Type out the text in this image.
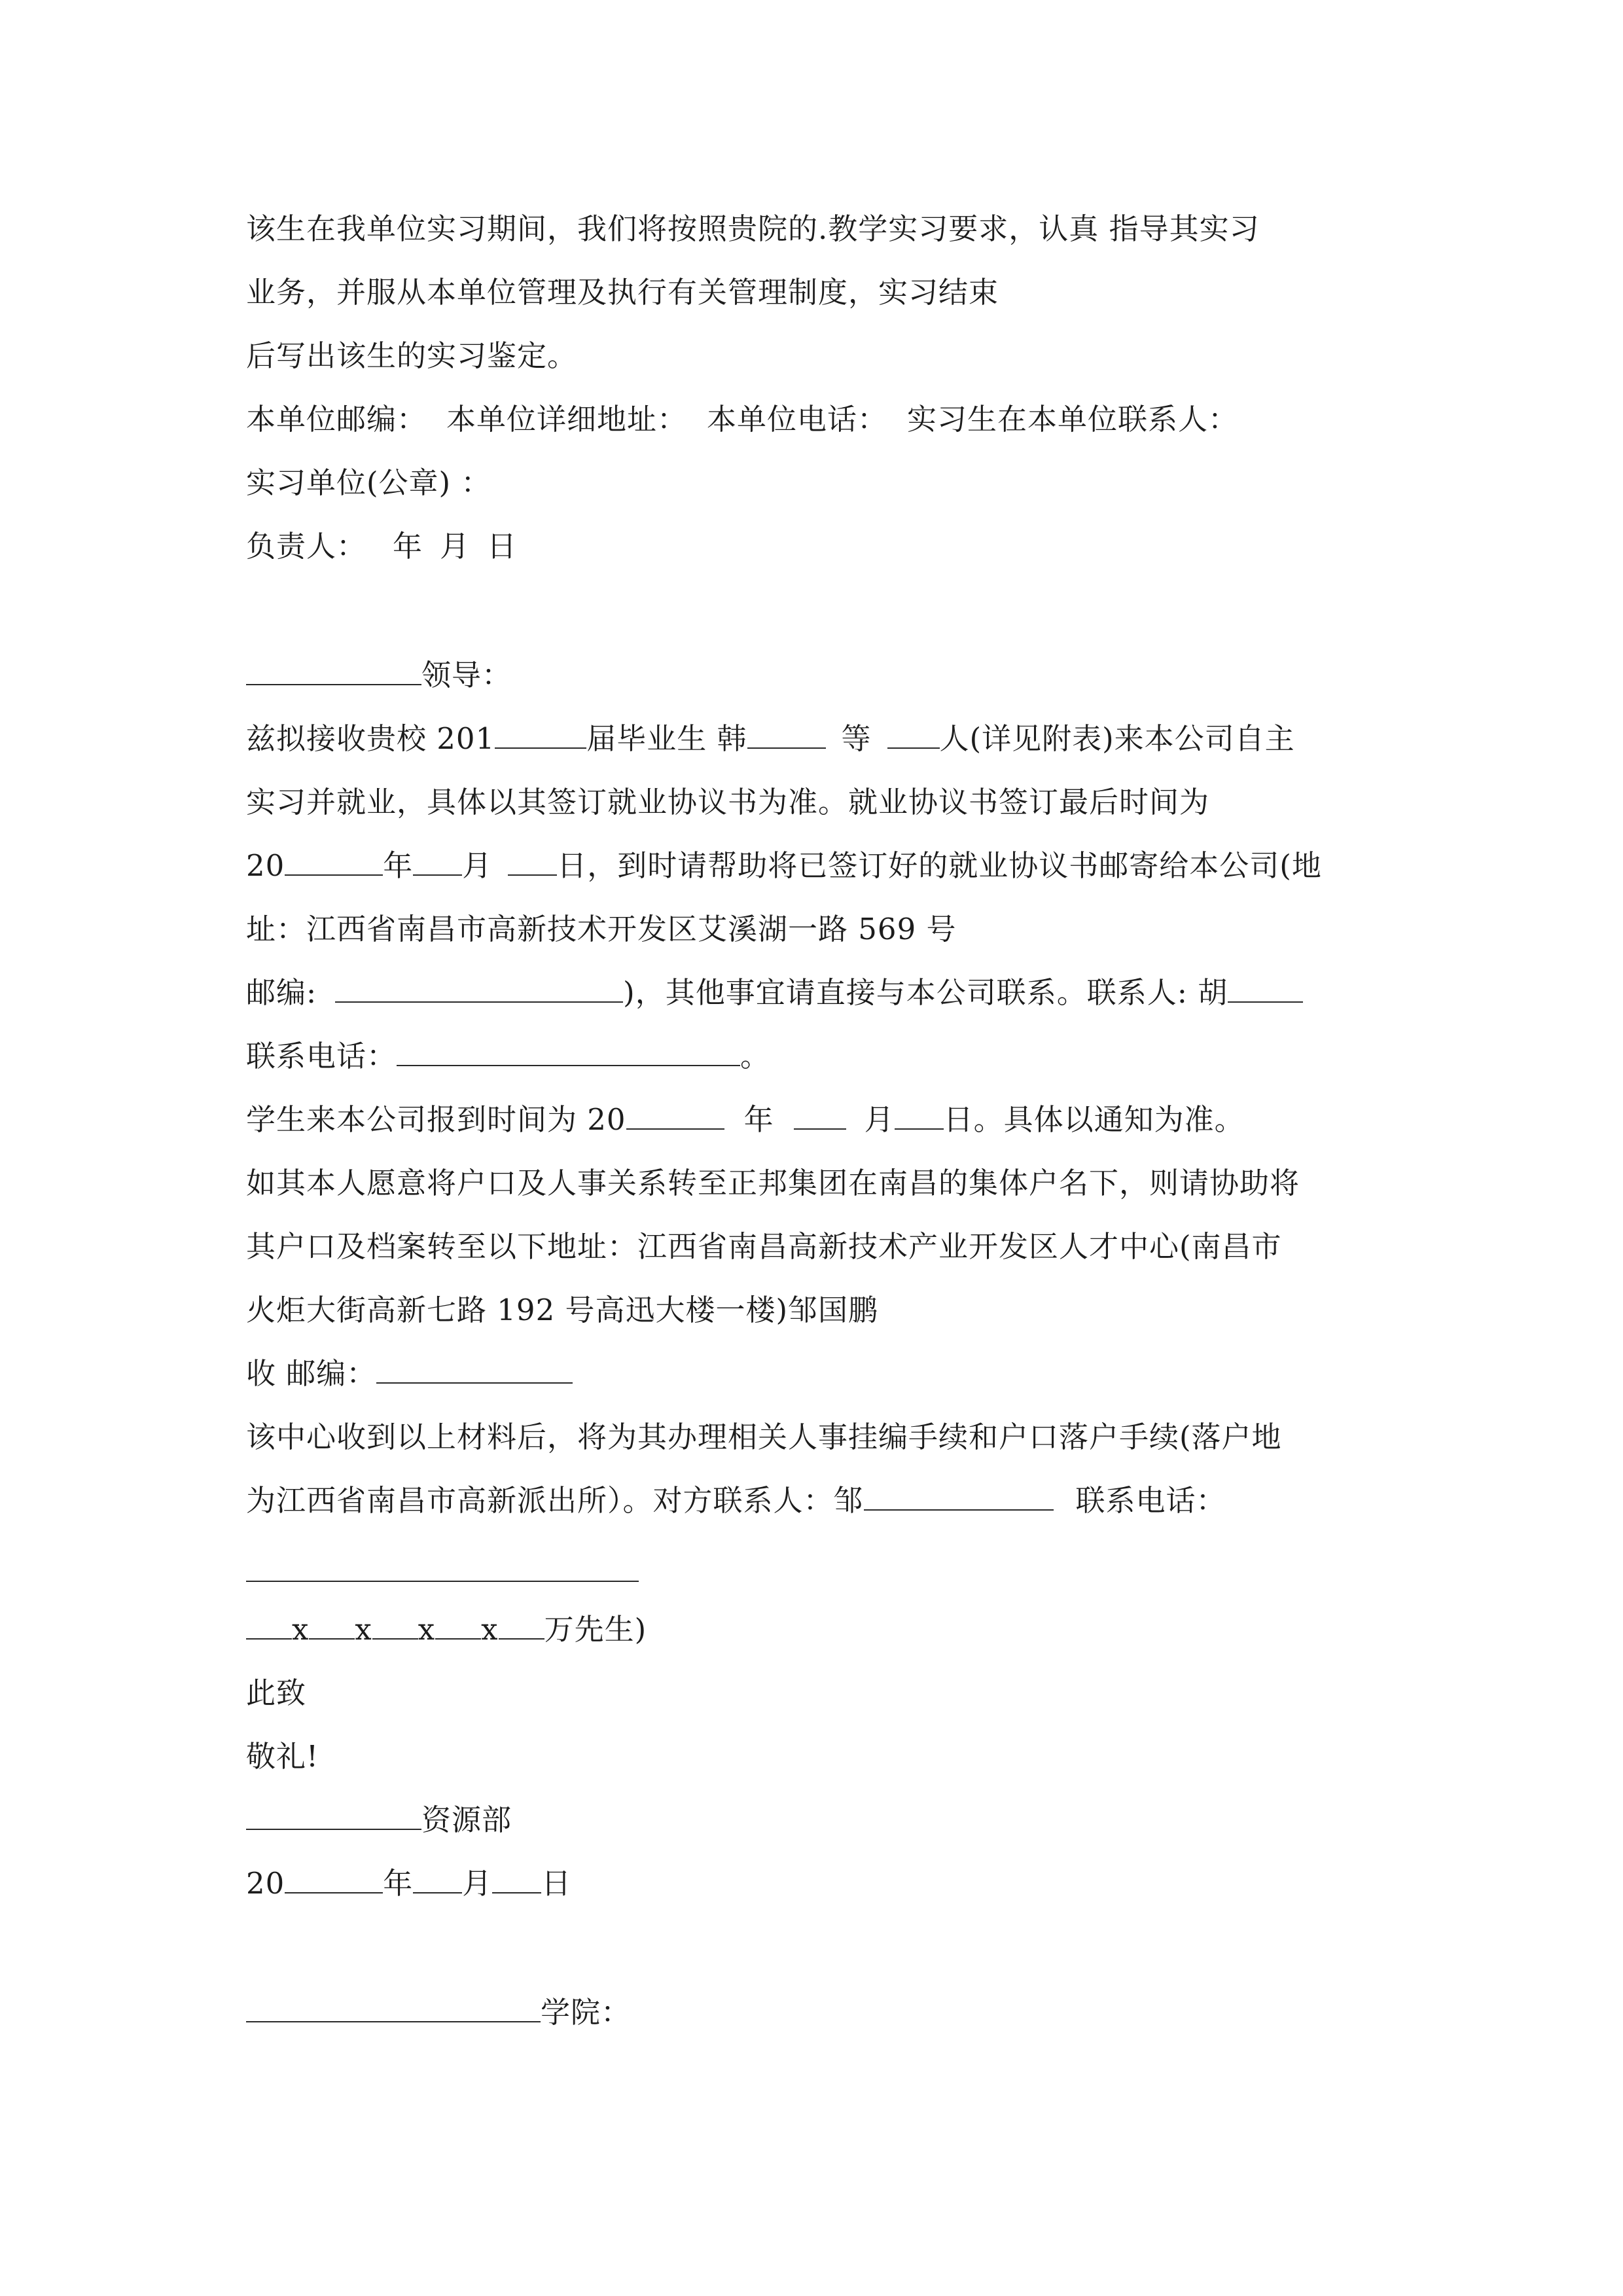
该生在我单位实习期间，我们将按照贵院的.教学实习要求，认真 指导其实习
业务，并服从本单位管理及执行有关管理制度，实习结束
后写出该生的实习鉴定。
本单位邮编： 本单位详细地址： 本单位电话： 实习生在本单位联系人：
实习单位(公章) ：
负责人： 年 月 日
领导：
兹拟接收贵校 201	届毕业生 韩	等 人(详见附表)来本公司自主
实习并就业，具体以其签订就业协议书为准。就业协议书签订最后时间为
20	年 月 日，到时请帮助将已签订好的就业协议书邮寄给本公司(地
址：江西省南昌市高新技术开发区艾溪湖一路 569 号
邮编:	)，其他事宜请直接与本公司联系。联系人: 胡
联系电话：	。
学生来本公司报到时间为 20	年	月 日。具体以通知为准。
如其本人愿意将户口及人事关系转至正邦集团在南昌的集体户名下，则请协助将
其户口及档案转至以下地址：江西省南昌高新技术产业开发区人才中心(南昌市
火炬大街高新七路 192 号高迅大楼一楼)邹国鹏
收 邮编：
该中心收到以上材料后，将为其办理相关人事挂编手续和户口落户手续(落户地
为江西省南昌市高新派出所）。对方联系人：邹	联系电话：
x x x x 万先生)
此致
敬礼!
资源部
20	年 月 日
学院：
